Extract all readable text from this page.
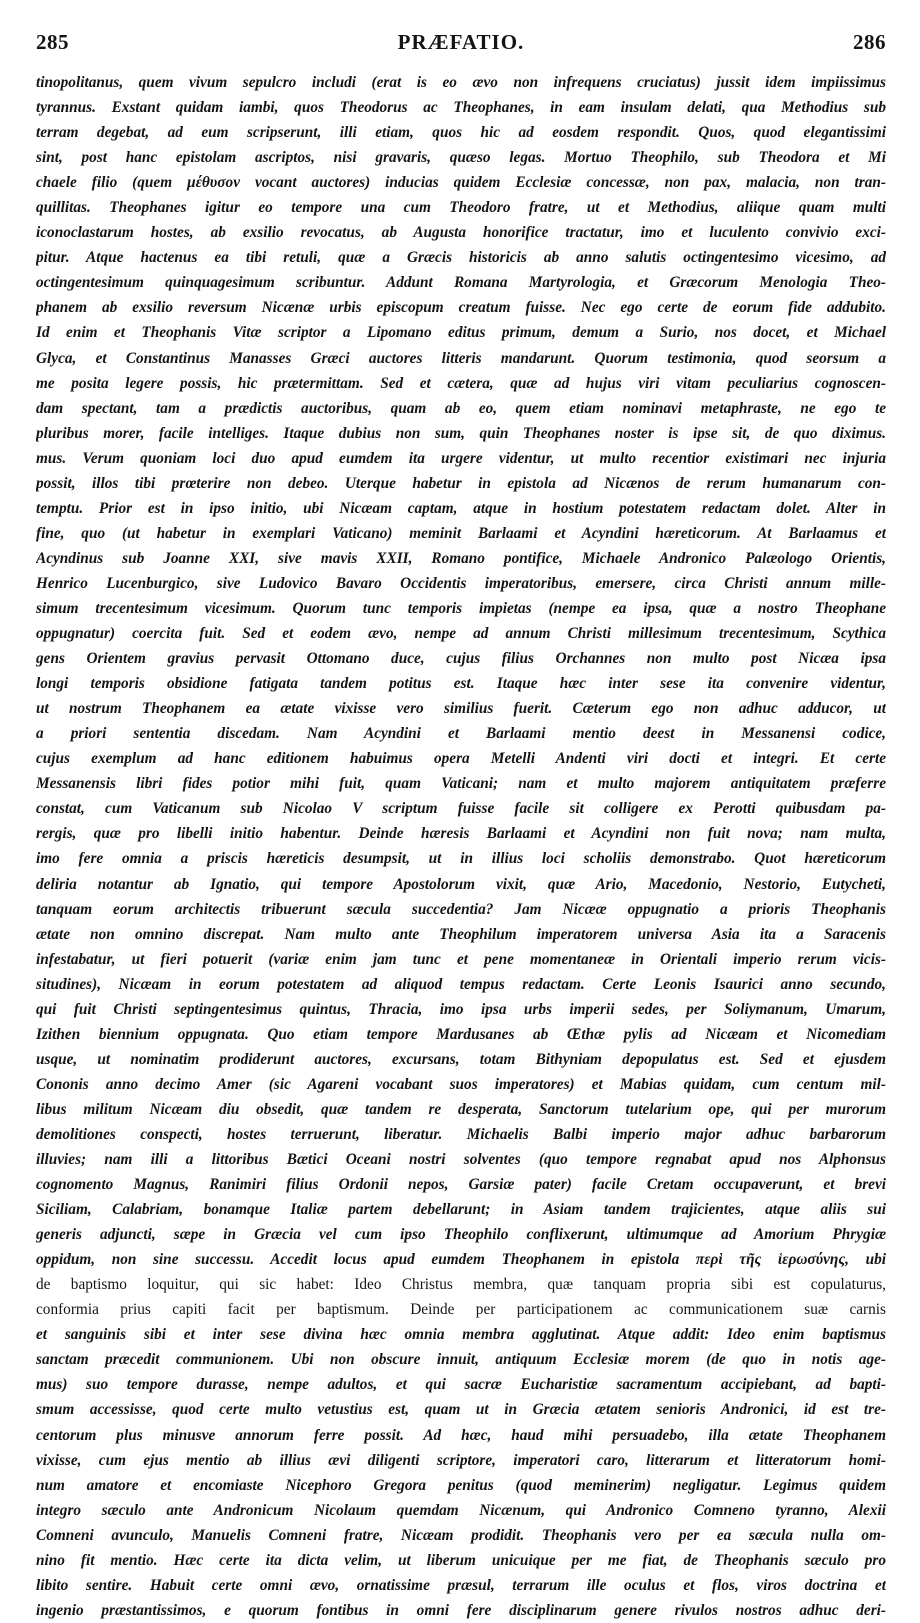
285	PRÆFATIO.	286
tinopolitanus, quem vivum sepulcro includi (erat is eo ævo non infrequens cruciatus) jussit idem impiissimus
tyrannus. Exstant quidam iambi, quos Theodorus ac Theophanes, in eam insulam delati, qua Methodius sub
terram degebat, ad eum scripserunt, illi etiam, quos hic ad eosdem respondit. Quos, quod elegantissimi
sint, post hanc epistolam ascriptos, nisi gravaris, quæso legas. Mortuo Theophilo, sub Theodora et Mi
chaele filio (quem μέθυσον vocant auctores) inducias quidem Ecclesiæ concessæ, non pax, malacia, non tran-
quillitas. Theophanes igitur eo tempore una cum Theodoro fratre, ut et Methodius, aliique quam multi
iconoclastarum hostes, ab exsilio revocatus, ab Augusta honorifice tractatur, imo et luculento convivio exci-
pitur. Atque hactenus ea tibi retuli, quæ a Græcis historicis ab anno salutis octingentesimo vicesimo, ad
octingentesimum quinquagesimum scribuntur. Addunt Romana Martyrologia, et Græcorum Menologia Theo-
phanem ab exsilio reversum Nicænæ urbis episcopum creatum fuisse. Nec ego certe de eorum fide addubito.
Id enim et Theophanis Vitæ scriptor a Lipomano editus primum, demum a Surio, nos docet, et Michael
Glyca, et Constantinus Manasses Græci auctores litteris mandarunt. Quorum testimonia, quod seorsum a
me posita legere possis, hic prætermittam. Sed et cætera, quæ ad hujus viri vitam peculiarius cognoscen-
dam spectant, tam a prædictis auctoribus, quam ab eo, quem etiam nominavi metaphraste, ne ego te
pluribus morer, facile intelliges. Itaque dubius non sum, quin Theophanes noster is ipse sit, de quo diximus.
mus. Verum quoniam loci duo apud eumdem ita urgere videntur, ut multo recentior existimari nec injuria
possit, illos tibi prœterire non debeo. Uterque habetur in epistola ad Nicænos de rerum humanarum con-
temptu. Prior est in ipso initio, ubi Nicæam captam, atque in hostium potestatem redactam dolet. Alter in
fine, quo (ut habetur in exemplari Vaticano) meminit Barlaami et Acyndini hæreticorum. At Barlaamus et
Acyndinus sub Joanne XXI, sive mavis XXII, Romano pontifice, Michaele Andronico Palæologo Orientis,
Henrico Lucenburgico, sive Ludovico Bavaro Occidentis imperatoribus, emersere, circa Christi annum mille-
simum trecentesimum vicesimum. Quorum tunc temporis impietas (nempe ea ipsa, quæ a nostro Theophane
oppugnatur) coercita fuit. Sed et eodem ævo, nempe ad annum Christi millesimum trecentesimum, Scythica
gens Orientem gravius pervasit Ottomano duce, cujus filius Orchannes non multo post Nicæa ipsa
longi temporis obsidione fatigata tandem potitus est. Itaque hæc inter sese ita convenire videntur,
ut nostrum Theophanem ea ætate vixisse vero similius fuerit. Cæterum ego non adhuc adducor, ut
a priori sententia discedam. Nam Acyndini et Barlaami mentio deest in Messanensi codice,
cujus exemplum ad hanc editionem habuimus opera Metelli Andenti viri docti et integri. Et certe
Messanensis libri fides potior mihi fuit, quam Vaticani; nam et multo majorem antiquitatem præferre
constat, cum Vaticanum sub Nicolao V scriptum fuisse facile sit colligere ex Perotti quibusdam pa-
rergis, quæ pro libelli initio habentur. Deinde hæresis Barlaami et Acyndini non fuit nova; nam multa,
imo fere omnia a priscis hæreticis desumpsit, ut in illius loci scholiis demonstrabo. Quot hæreticorum
deliria notantur ab Ignatio, qui tempore Apostolorum vixit, quæ Ario, Macedonio, Nestorio, Eutycheti,
tanquam eorum architectis tribuerunt sæcula succedentia? Jam Nicææ oppugnatio a prioris Theophanis
ætate non omnino discrepat. Nam multo ante Theophilum imperatorem universa Asia ita a Saracenis
infestabatur, ut fieri potuerit (variæ enim jam tunc et pene momentaneæ in Orientali imperio rerum vicis-
situdines), Nicæam in eorum potestatem ad aliquod tempus redactam. Certe Leonis Isaurici anno secundo,
qui fuit Christi septingentesimus quintus, Thracia, imo ipsa urbs imperii sedes, per Soliymanum, Umarum,
Izithen biennium oppugnata. Quo etiam tempore Mardusanes ab Œthæ pylis ad Nicæam et Nicomediam
usque, ut nominatim prodiderunt auctores, excursans, totam Bithyniam depopulatus est. Sed et ejusdem
Cononis anno decimo Amer (sic Agareni vocabant suos imperatores) et Mabias quidam, cum centum mil-
libus militum Nicæam diu obsedit, quæ tandem re desperata, Sanctorum tutelarium ope, qui per murorum
demolitiones conspecti, hostes terruerunt, liberatur. Michaelis Balbi imperio major adhuc barbarorum
illuvies; nam illi a littoribus Bætici Oceani nostri solventes (quo tempore regnabat apud nos Alphonsus
cognomento Magnus, Ranimiri filius Ordonii nepos, Garsiæ pater) facile Cretam occupaverunt, et brevi
Siciliam, Calabriam, bonamque Italiæ partem debellarunt; in Asiam tandem trajicientes, atque aliis sui
generis adjuncti, sæpe in Græcia vel cum ipso Theophilo conflixerunt, ultimumque ad Amorium Phrygiæ
oppidum, non sine successu. Accedit locus apud eumdem Theophanem in epistola περὶ τῆς ἱερωσύνης, ubi
de baptismo loquitur, qui sic habet: Ideo Christus membra, quæ tanquam propria sibi est copulaturus,
conformia prius capiti facit per baptismum. Deinde per participationem ac communicationem suæ carnis
et sanguinis sibi et inter sese divina hæc omnia membra agglutinat. Atque addit: Ideo enim baptismus
sanctam præcedit communionem. Ubi non obscure innuit, antiquum Ecclesiæ morem (de quo in notis age-
mus) suo tempore durasse, nempe adultos, et qui sacræ Eucharistiæ sacramentum accipiebant, ad bapti-
smum accessisse, quod certe multo vetustius est, quam ut in Græcia ætatem senioris Andronici, id est tre-
centorum plus minusve annorum ferre possit. Ad hæc, haud mihi persuadebo, illa ætate Theophanem
vixisse, cum ejus mentio ab illius ævi diligenti scriptore, imperatori caro, litterarum et litteratorum homi-
num amatore et encomiaste Nicephoro Gregora penitus (quod meminerim) negligatur. Legimus quidem
integro sæculo ante Andronicum Nicolaum quemdam Nicænum, qui Andronico Comneno tyranno, Alexii
Comneni avunculo, Manuelis Comneni fratre, Nicæam prodidit. Theophanis vero per ea sæcula nulla om-
nino fit mentio. Hæc certe ita dicta velim, ut liberum unicuique per me fiat, de Theophanis sæculo pro
libito sentire. Habuit certe omni ævo, ornatissime præsul, terrarum ille oculus et flos, viros doctrina et
ingenio præstantissimos, e quorum fontibus in omni fere disciplinarum genere rivulos nostros adhuc deri-
